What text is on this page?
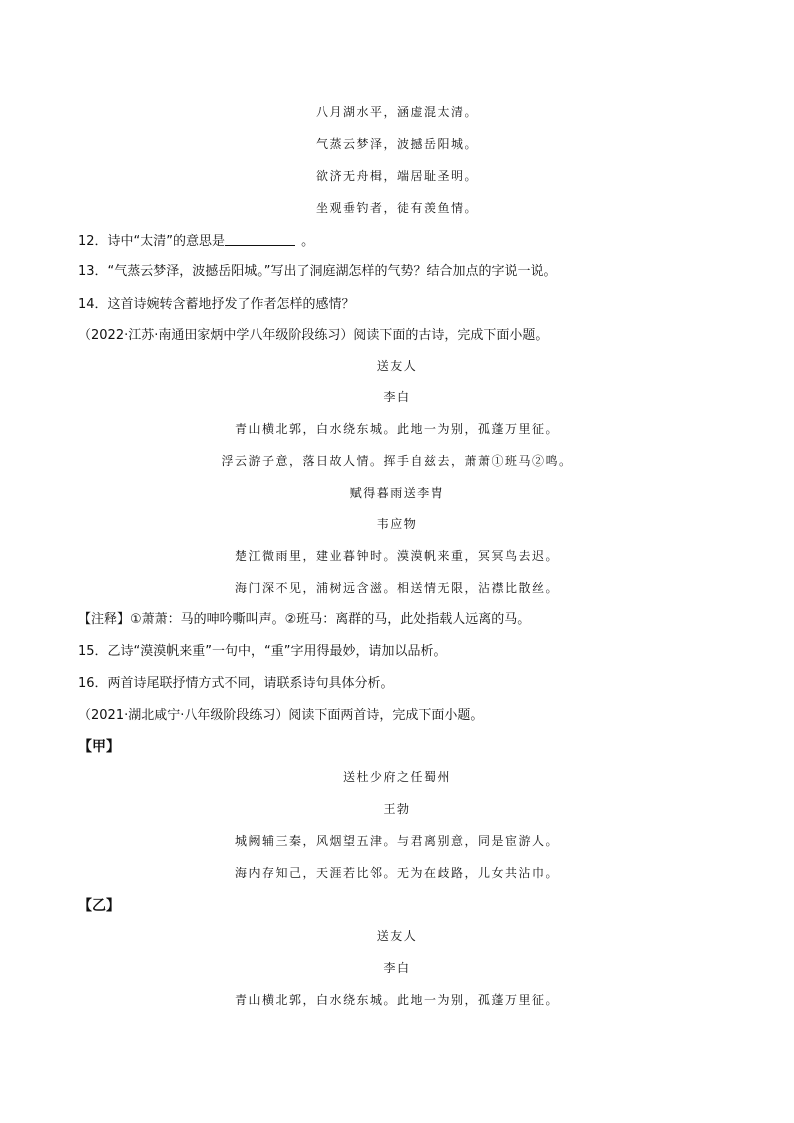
八月湖水平，涵虚混太清。
气蒸云梦泽，波撼岳阳城。
欲济无舟楫，端居耻圣明。
坐观垂钓者，徒有羡鱼情。
12．诗中“太清”的意思是	。
13．“气蒸云梦泽，波撼岳阳城。”写出了洞庭湖怎样的气势？结合加点的字说一说。
14．这首诗婉转含蓄地抒发了作者怎样的感情？
（2022·江苏·南通田家炳中学八年级阶段练习）阅读下面的古诗，完成下面小题。
送友人
李白
青山横北郭，白水绕东城。此地一为别，孤蓬万里征。
浮云游子意，落日故人情。挥手自兹去，萧萧①班马②鸣。
赋得暮雨送李胄
韦应物
楚江微雨里，建业暮钟时。漠漠帆来重，冥冥鸟去迟。
海门深不见，浦树远含滋。相送情无限，沾襟比散丝。
【注释】①萧萧：马的呻吟嘶叫声。②班马：离群的马，此处指载人远离的马。
15．乙诗“漠漠帆来重”一句中，“重”字用得最妙，请加以品析。
16．两首诗尾联抒情方式不同，请联系诗句具体分析。
（2021·湖北咸宁·八年级阶段练习）阅读下面两首诗，完成下面小题。
【甲】
送杜少府之任蜀州
王勃
城阙辅三秦，风烟望五津。与君离别意，同是宦游人。
海内存知己，天涯若比邻。无为在歧路，儿女共沾巾。
【乙】
送友人
李白
青山横北郭，白水绕东城。此地一为别，孤蓬万里征。
